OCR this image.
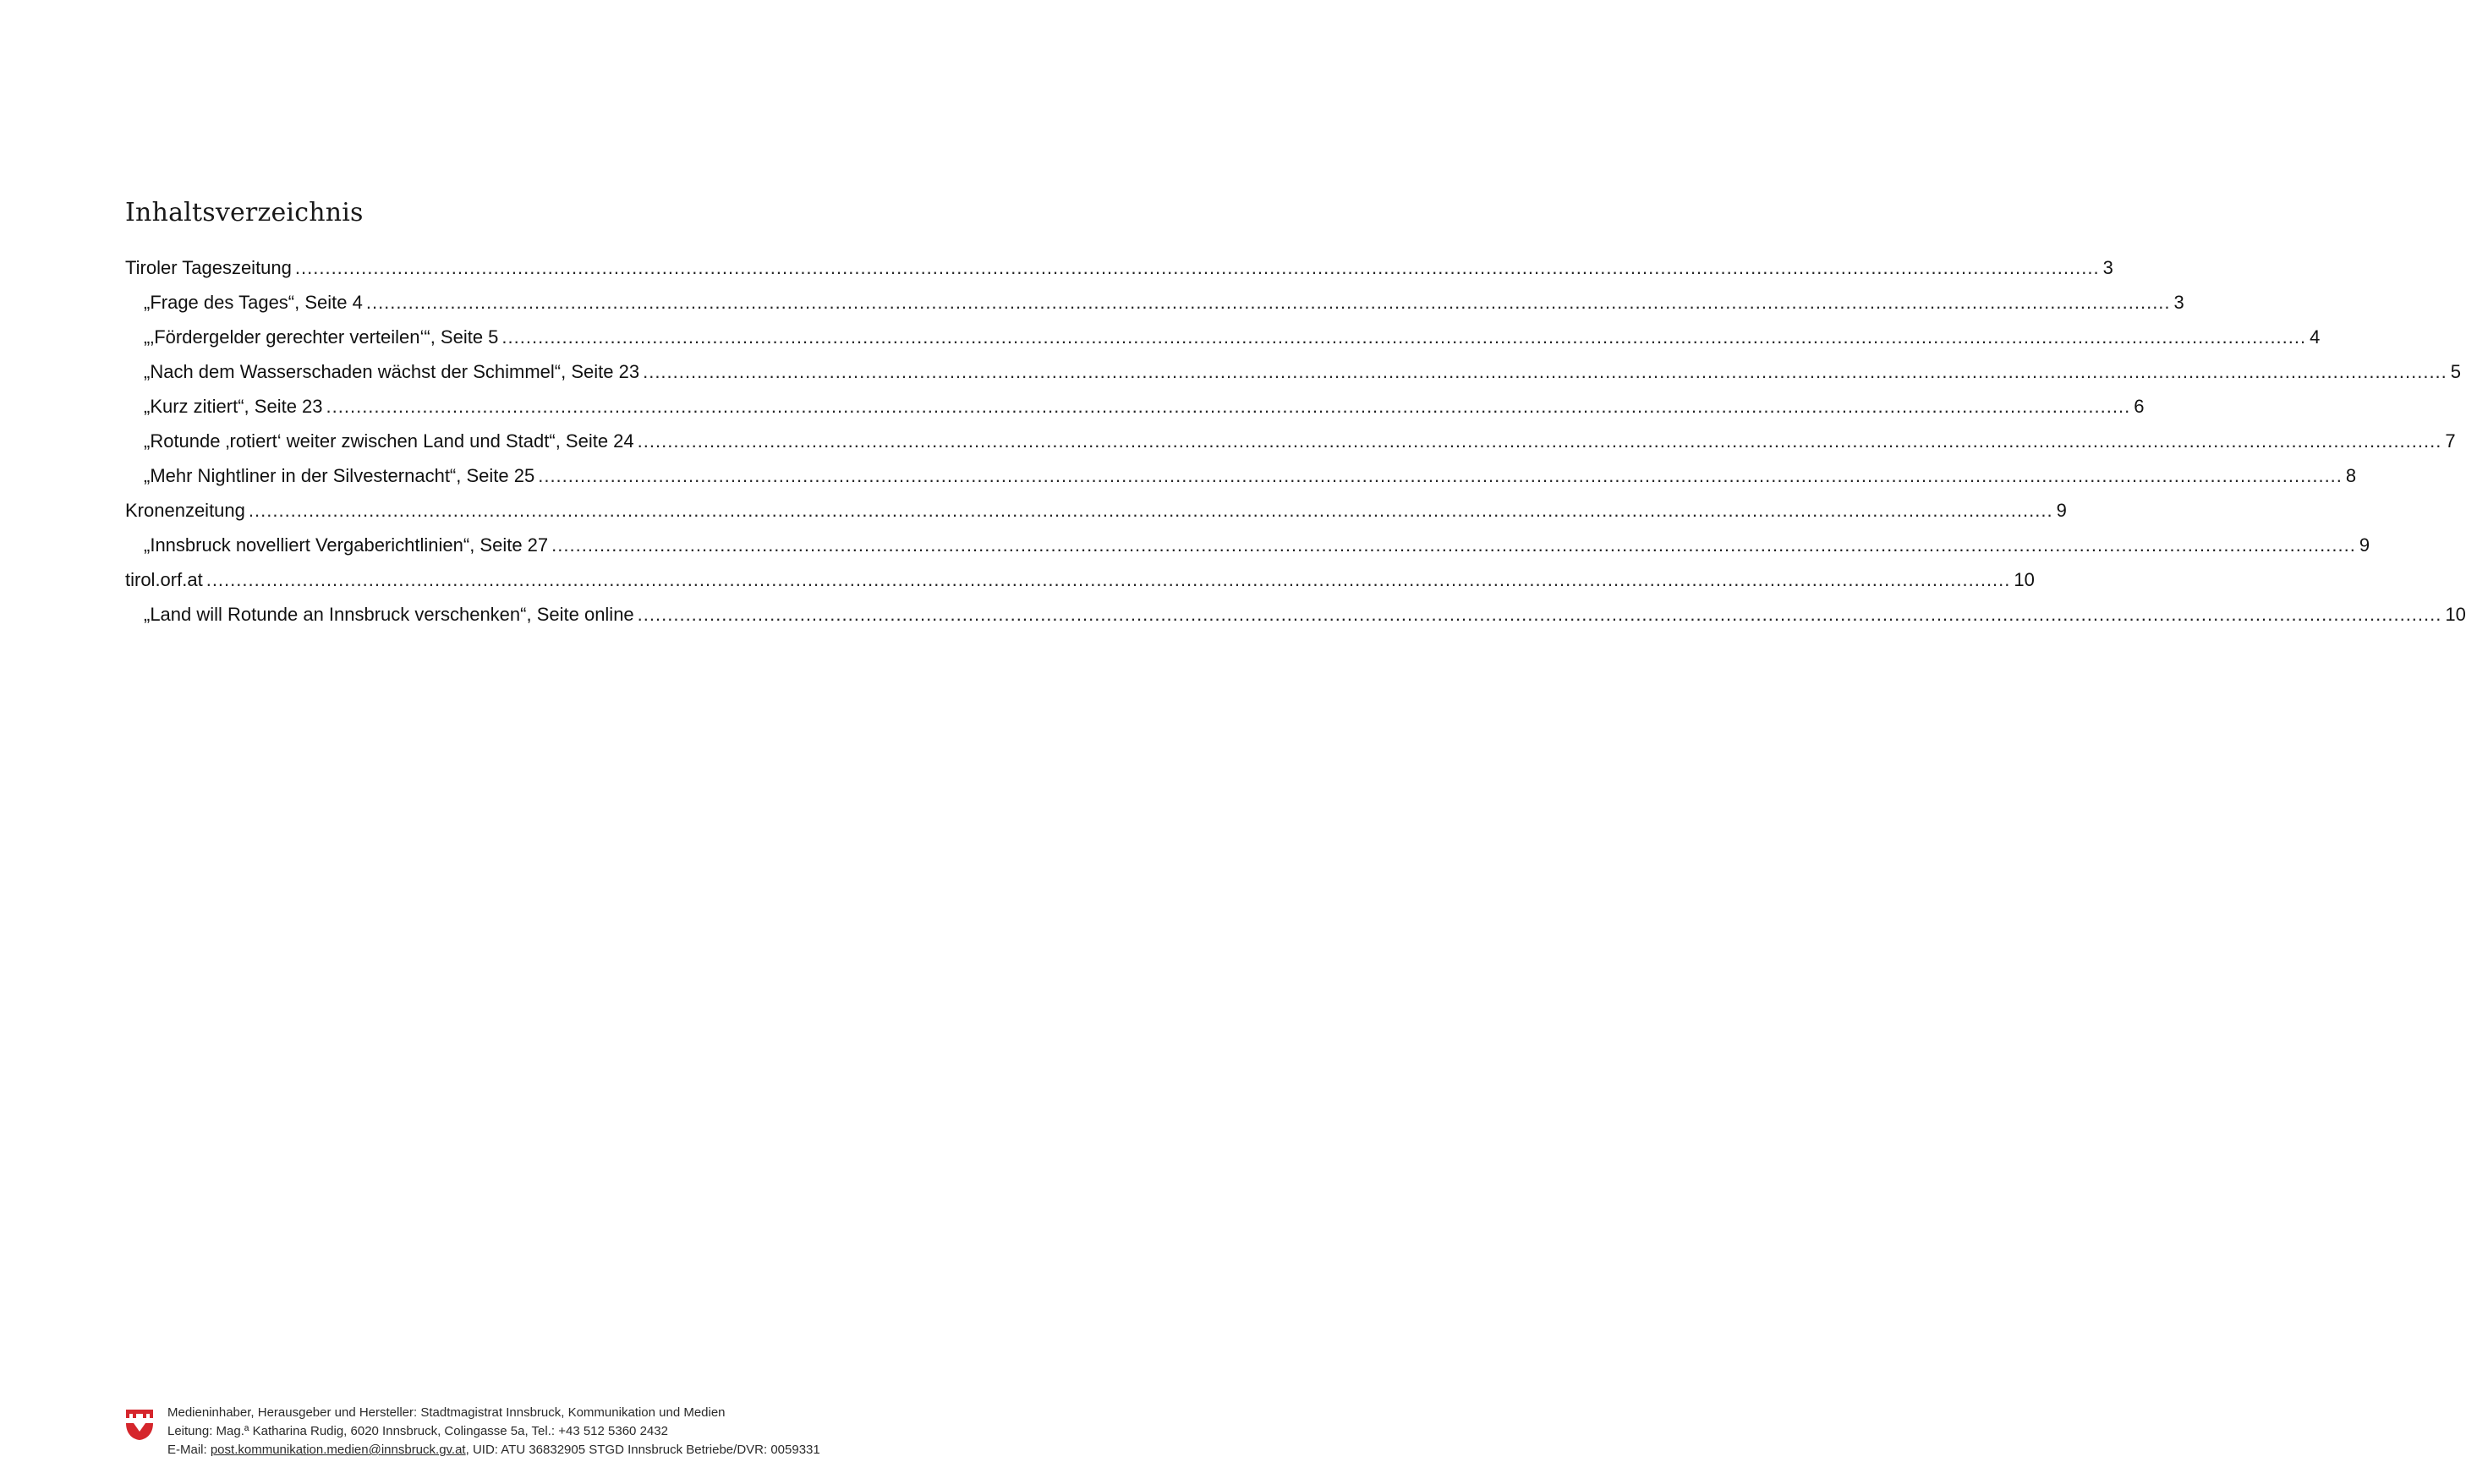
Inhaltsverzeichnis
Tiroler Tageszeitung ............................................................................................................................................................................................................................................................................................................ 3
„Frage des Tages“, Seite 4 ............................................................................................................................................................................................................................................................................................................ 3
„‚Fördergelder gerechter verteilen‘“, Seite 5 ............................................................................................................................................................................................................................................................................................................ 4
„Nach dem Wasserschaden wächst der Schimmel“, Seite 23 ............................................................................................................................................................................................................................................................................................................ 5
„Kurz zitiert“, Seite 23 ............................................................................................................................................................................................................................................................................................................ 6
„Rotunde ‚rotiert‘ weiter zwischen Land und Stadt“, Seite 24 ............................................................................................................................................................................................................................................................................................................ 7
„Mehr Nightliner in der Silvesternacht“, Seite 25 ............................................................................................................................................................................................................................................................................................................ 8
Kronenzeitung ............................................................................................................................................................................................................................................................................................................ 9
„Innsbruck novelliert Vergaberichtlinien“, Seite 27 ............................................................................................................................................................................................................................................................................................................ 9
tirol.orf.at ............................................................................................................................................................................................................................................................................................................ 10
„Land will Rotunde an Innsbruck verschenken“, Seite online ............................................................................................................................................................................................................................................................................................................ 10
Medieninhaber, Herausgeber und Hersteller: Stadtmagistrat Innsbruck, Kommunikation und Medien
Leitung: Mag.ª Katharina Rudig, 6020 Innsbruck, Colingasse 5a, Tel.: +43 512 5360 2432
E-Mail: post.kommunikation.medien@innsbruck.gv.at, UID: ATU 36832905 STGD Innsbruck Betriebe/DVR: 0059331
